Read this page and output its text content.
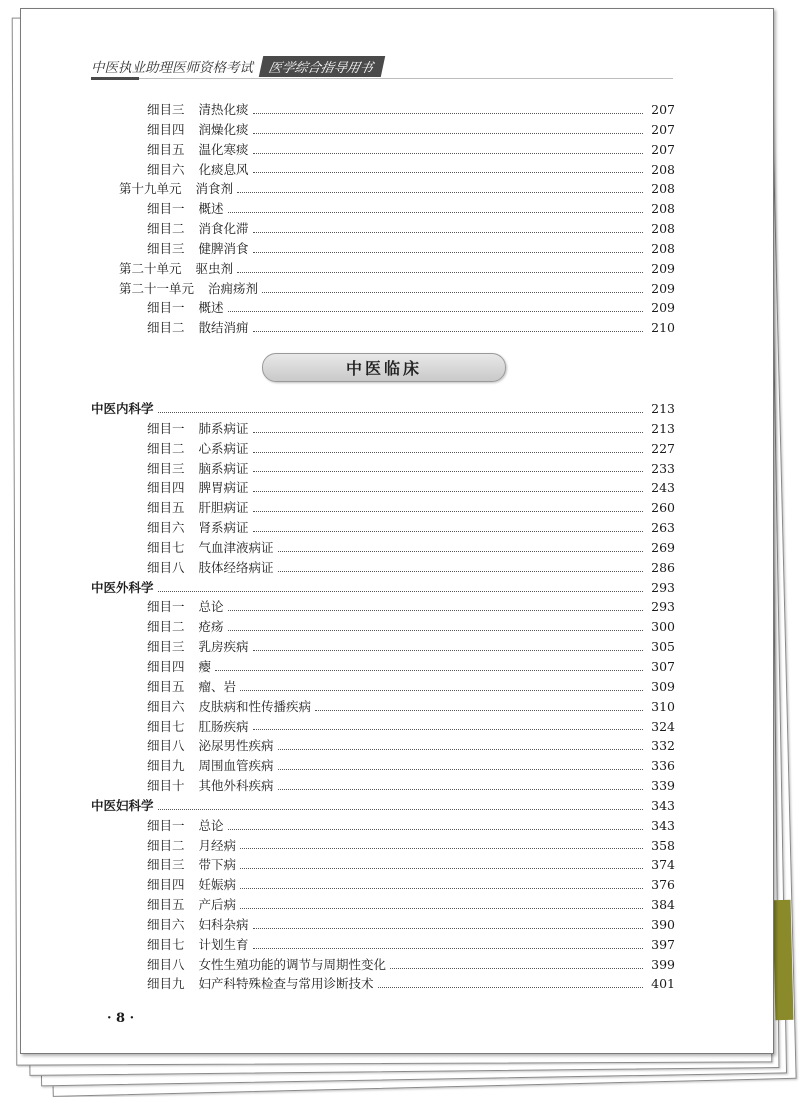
中医执业助理医师资格考试	医学综合指导用书
细目三 清热化痰	207
细目四 润燥化痰	207
细目五 温化寒痰	207
细目六 化痰息风	208
第十九单元 消食剂	208
细目一 概述	208
细目二 消食化滞	208
细目三 健脾消食	208
第二十单元 驱虫剂	209
第二十一单元 治痈疡剂	209
细目一 概述	209
细目二 散结消痈	210
中医临床
中医内科学	213
细目一 肺系病证	213
细目二 心系病证	227
细目三 脑系病证	233
细目四 脾胃病证	243
细目五 肝胆病证	260
细目六 肾系病证	263
细目七 气血津液病证	269
细目八 肢体经络病证	286
中医外科学	293
细目一 总论	293
细目二 疮疡	300
细目三 乳房疾病	305
细目四 瘿	307
细目五 瘤、岩	309
细目六 皮肤病和性传播疾病	310
细目七 肛肠疾病	324
细目八 泌尿男性疾病	332
细目九 周围血管疾病	336
细目十 其他外科疾病	339
中医妇科学	343
细目一 总论	343
细目二 月经病	358
细目三 带下病	374
细目四 妊娠病	376
细目五 产后病	384
细目六 妇科杂病	390
细目七 计划生育	397
细目八 女性生殖功能的调节与周期性变化	399
细目九 妇产科特殊检查与常用诊断技术	401
· 8 ·
